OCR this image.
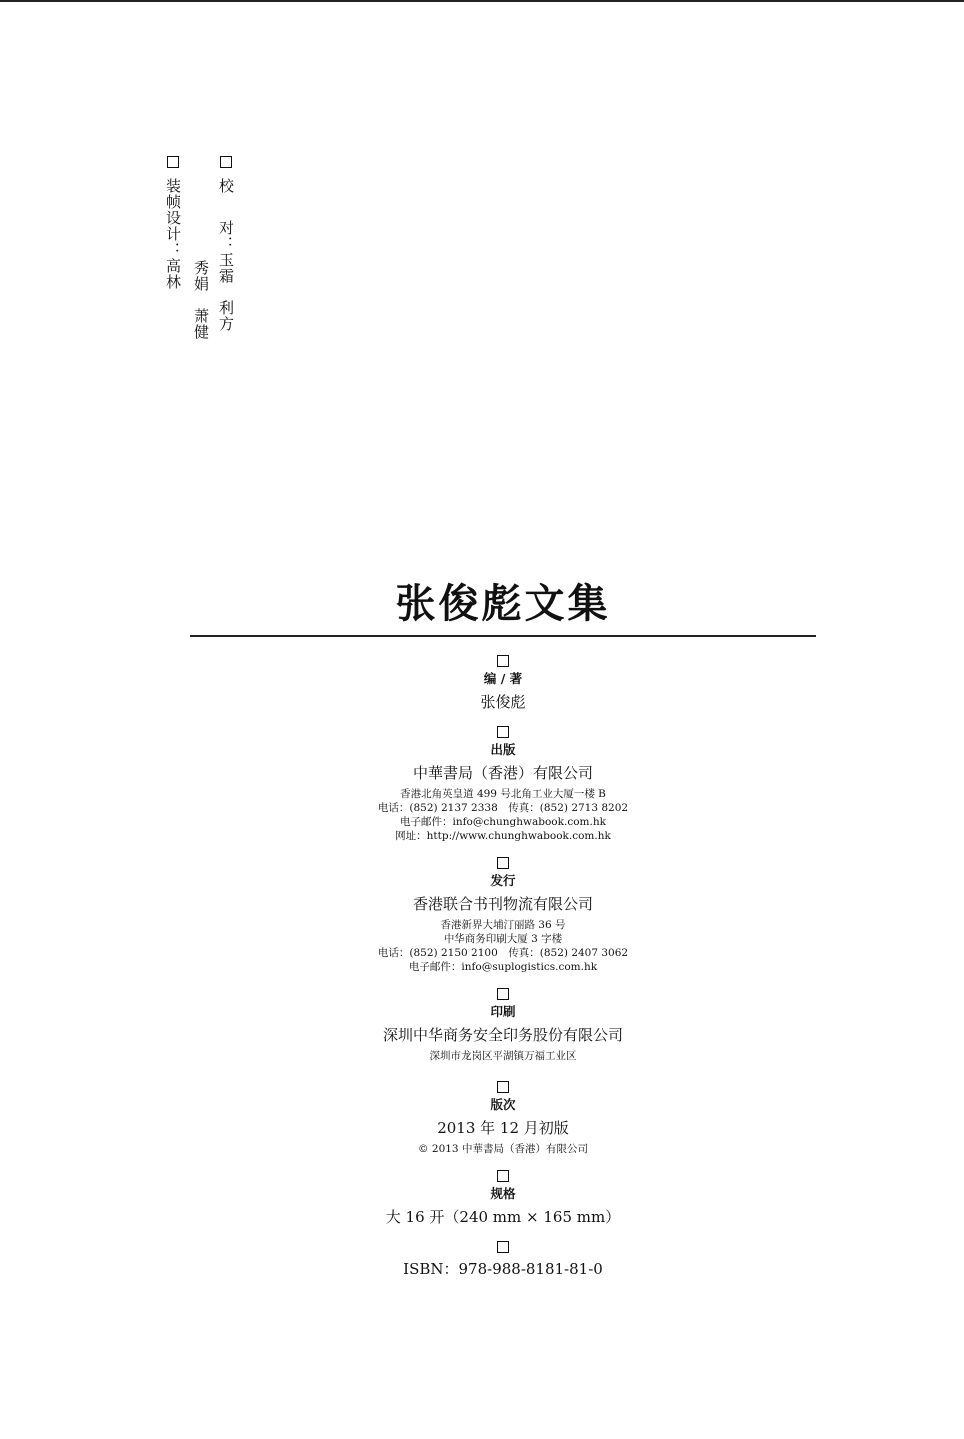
装帧设计
：
高林 秀娟
萧健
校
对
：
玉霜
利方
张俊彪文集
编 / 著
张俊彪
出版
中華書局（香港）有限公司
香港北角英皇道 499 号北角工业大厦一楼 B
电话：(852) 2137 2338　传真：(852) 2713 8202
电子邮件：info@chunghwabook.com.hk
网址：http://www.chunghwabook.com.hk
发行
香港联合书刊物流有限公司
香港新界大埔汀丽路 36 号
中华商务印刷大厦 3 字楼
电话：(852) 2150 2100　传真：(852) 2407 3062
电子邮件：info@suplogistics.com.hk
印刷
深圳中华商务安全印务股份有限公司
深圳市龙岗区平湖镇万福工业区
版次
2013 年 12 月初版
© 2013 中華書局（香港）有限公司
规格
大 16 开（240 mm × 165 mm）
ISBN：978-988-8181-81-0
